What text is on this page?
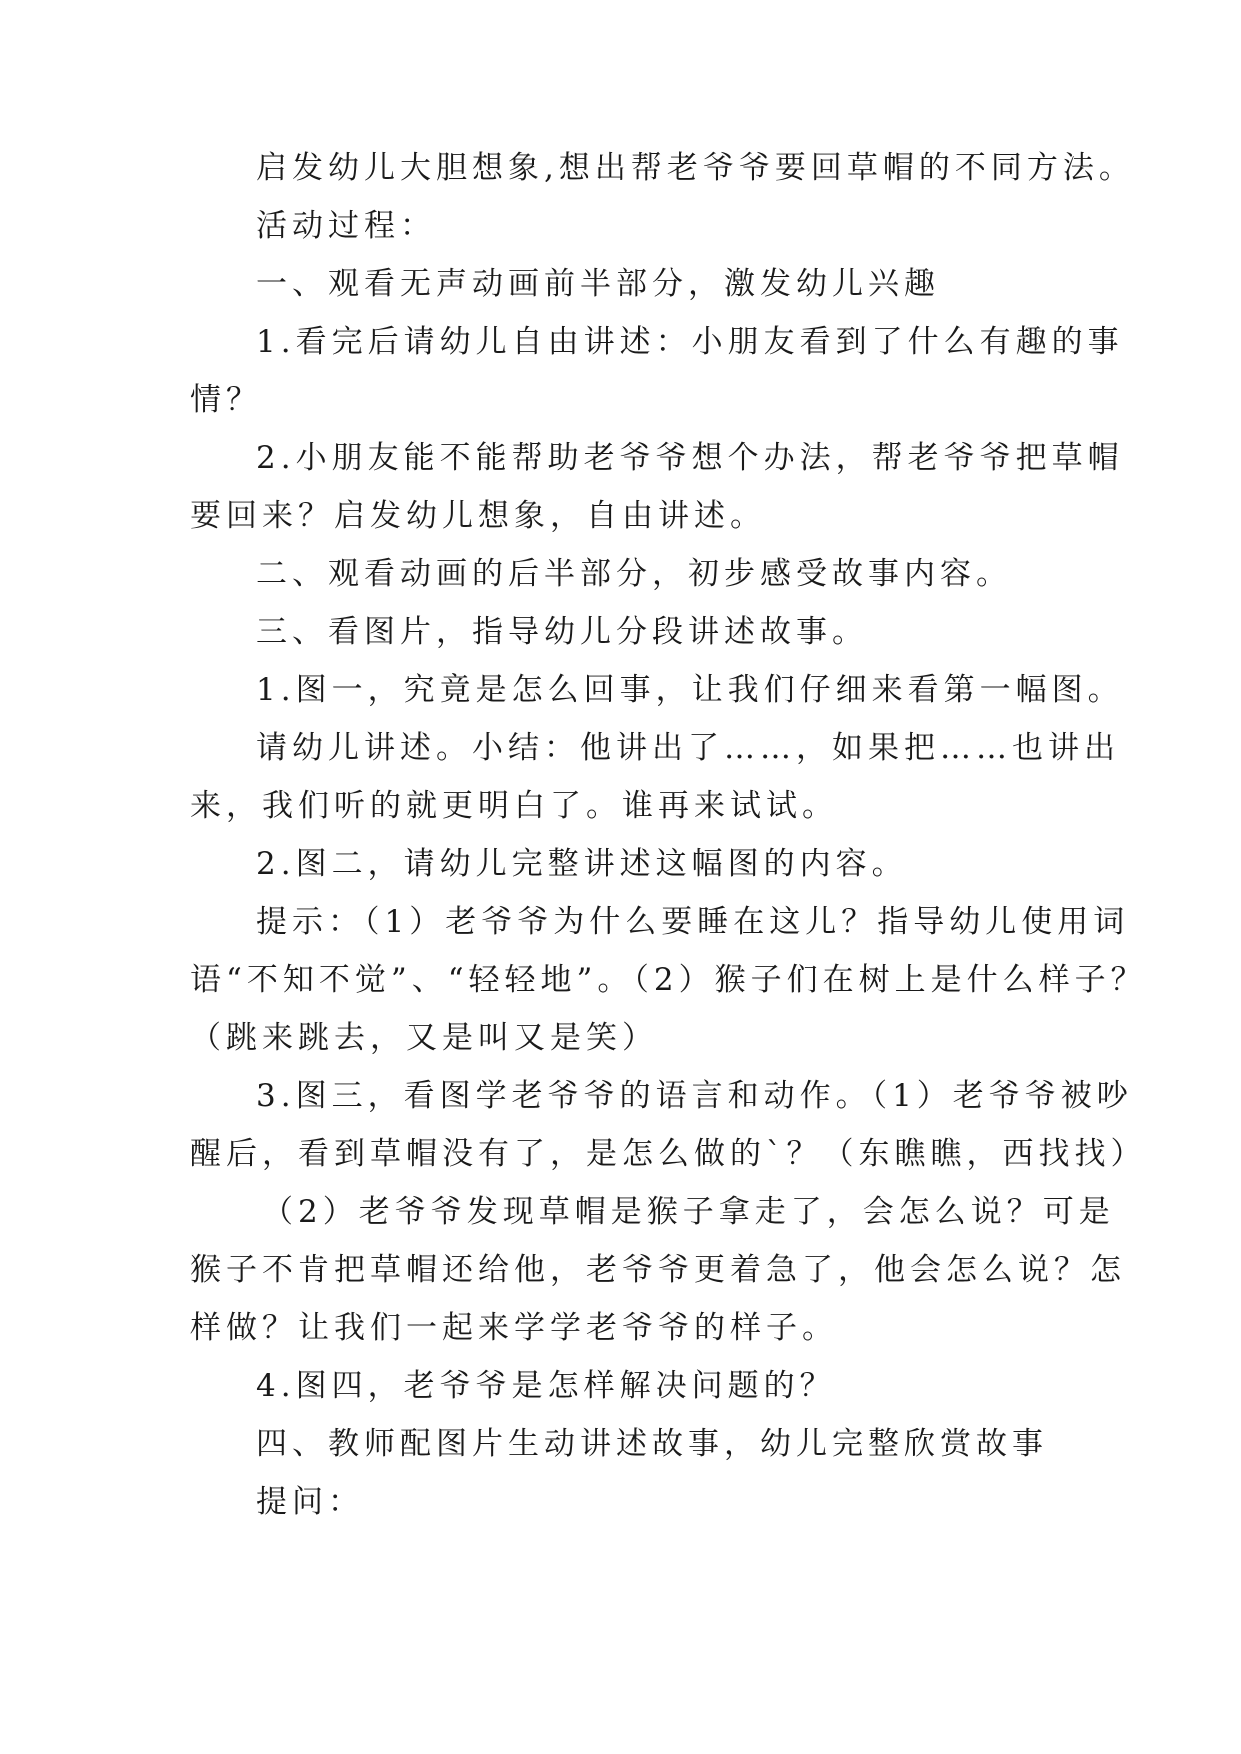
启发幼儿大胆想象,想出帮老爷爷要回草帽的不同方法。
活动过程：
一、观看无声动画前半部分，激发幼儿兴趣
1.看完后请幼儿自由讲述：小朋友看到了什么有趣的事
情？
2.小朋友能不能帮助老爷爷想个办法，帮老爷爷把草帽
要回来？启发幼儿想象，自由讲述。
二、观看动画的后半部分，初步感受故事内容。
三、看图片，指导幼儿分段讲述故事。
1.图一，究竟是怎么回事，让我们仔细来看第一幅图。
请幼儿讲述。小结：他讲出了……，如果把……也讲出
来，我们听的就更明白了。谁再来试试。
2.图二，请幼儿完整讲述这幅图的内容。
提示：（1）老爷爷为什么要睡在这儿？指导幼儿使用词
语“不知不觉”、“轻轻地”。（2）猴子们在树上是什么样子？
（跳来跳去，又是叫又是笑）
3.图三，看图学老爷爷的语言和动作。（1）老爷爷被吵
醒后，看到草帽没有了，是怎么做的`？（东瞧瞧，西找找）
（2）老爷爷发现草帽是猴子拿走了，会怎么说？可是
猴子不肯把草帽还给他，老爷爷更着急了，他会怎么说？怎
样做？让我们一起来学学老爷爷的样子。
4.图四，老爷爷是怎样解决问题的？
四、教师配图片生动讲述故事，幼儿完整欣赏故事
提问：
